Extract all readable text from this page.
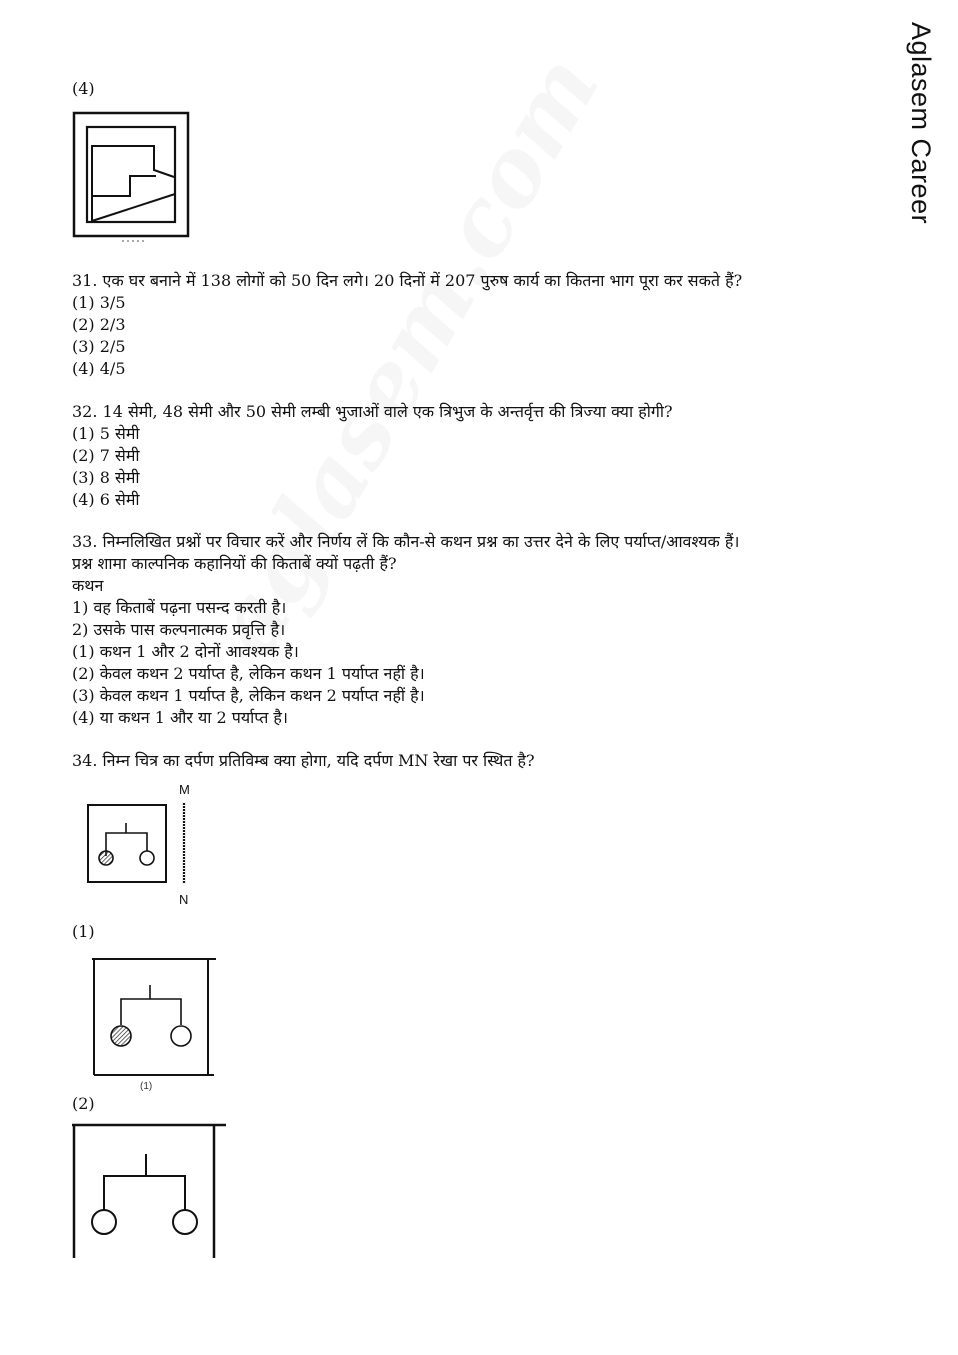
Aglasem Career
(4)
31. एक घर बनाने में 138 लोगों को 50 दिन लगे। 20 दिनों में 207 पुरुष कार्य का कितना भाग पूरा कर सकते हैं?
(1) 3/5
(2) 2/3
(3) 2/5
(4) 4/5
32. 14 सेमी, 48 सेमी और 50 सेमी लम्बी भुजाओं वाले एक त्रिभुज के अन्तर्वृत्त की त्रिज्या क्या होगी?
(1) 5 सेमी
(2) 7 सेमी
(3) 8 सेमी
(4) 6 सेमी
33. निम्नलिखित प्रश्नों पर विचार करें और निर्णय लें कि कौन-से कथन प्रश्न का उत्तर देने के लिए पर्याप्त/आवश्यक हैं।
प्रश्न शामा काल्पनिक कहानियों की किताबें क्यों पढ़ती हैं?
कथन
1) वह किताबें पढ़ना पसन्द करती है।
2) उसके पास कल्पनात्मक प्रवृत्ति है।
(1) कथन 1 और 2 दोनों आवश्यक है।
(2) केवल कथन 2 पर्याप्त है, लेकिन कथन 1 पर्याप्त नहीं है।
(3) केवल कथन 1 पर्याप्त है, लेकिन कथन 2 पर्याप्त नहीं है।
(4) या कथन 1 और या 2 पर्याप्त है।
34. निम्न चित्र का दर्पण प्रतिविम्ब क्या होगा, यदि दर्पण MN रेखा पर स्थित है?
M
N
(1)
(1)
(2)
